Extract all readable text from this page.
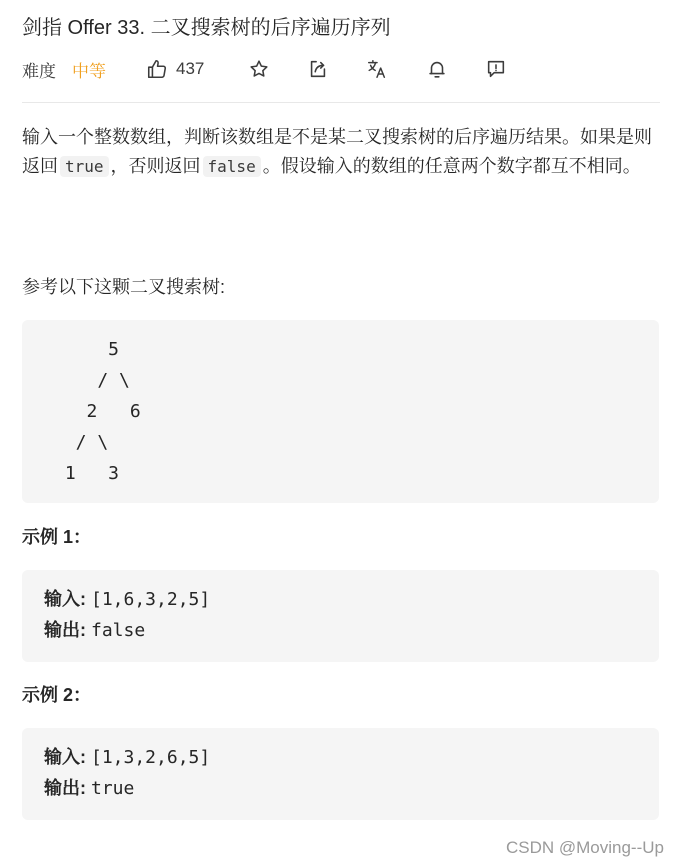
剑指 Offer 33. 二叉搜索树的后序遍历序列
难度 中等	437

输入一个整数数组，判断该数组是不是某二叉搜索树的后序遍历结果。如果是则返回 true ，否则返回 false 。假设输入的数组的任意两个数字都互不相同。

参考以下这颗二叉搜索树:

5
/ \
2   6
/ \
1   3
示例 1：
输入: [1,6,3,2,5]
输出: false
示例 2：
输入: [1,3,2,6,5]
输出: true
CSDN @Moving--Up
